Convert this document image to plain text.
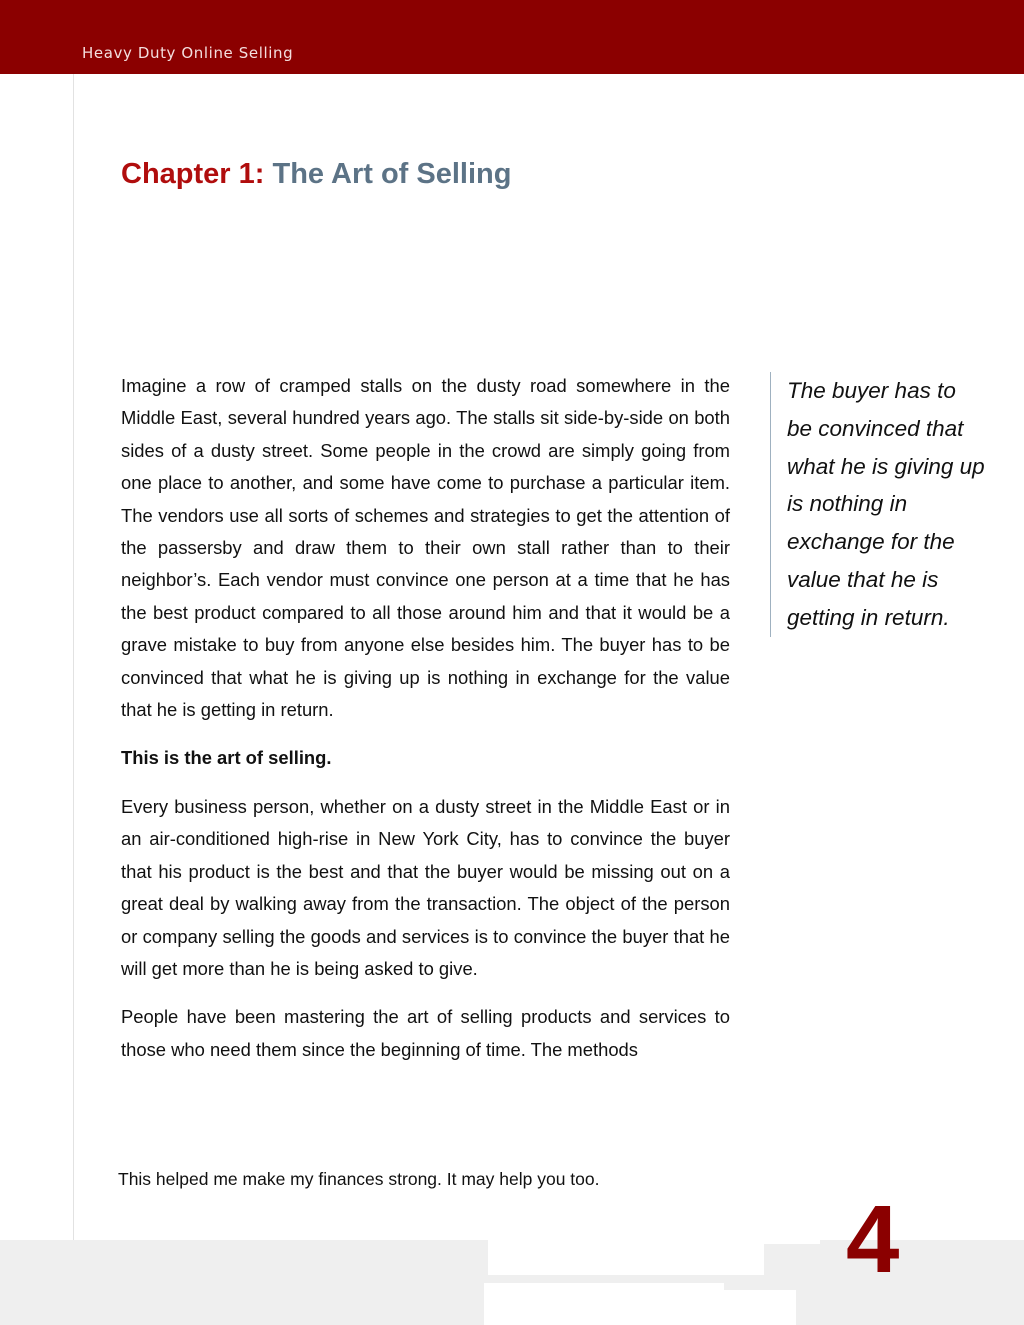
Heavy Duty Online Selling
Chapter 1: The Art of Selling

Imagine a row of cramped stalls on the dusty road somewhere in the Middle East, several hundred years ago. The stalls sit side-by-side on both sides of a dusty street. Some people in the crowd are simply going from one place to another, and some have come to purchase a particular item. The vendors use all sorts of schemes and strategies to get the attention of the passersby and draw them to their own stall rather than to their neighbor’s. Each vendor must convince one person at a time that he has the best product compared to all those around him and that it would be a grave mistake to buy from anyone else besides him. The buyer has to be convinced that what he is giving up is nothing in exchange for the value that he is getting in return.

This is the art of selling.

Every business person, whether on a dusty street in the Middle East or in an air-conditioned high-rise in New York City, has to convince the buyer that his product is the best and that the buyer would be missing out on a great deal by walking away from the transaction. The object of the person or company selling the goods and services is to convince the buyer that he will get more than he is being asked to give.

People have been mastering the art of selling products and services to those who need them since the beginning of time. The methods

The buyer has to be convinced that what he is giving up is nothing in exchange for the value that he is getting in return.
This helped me make my finances strong. It may help you too.
4
